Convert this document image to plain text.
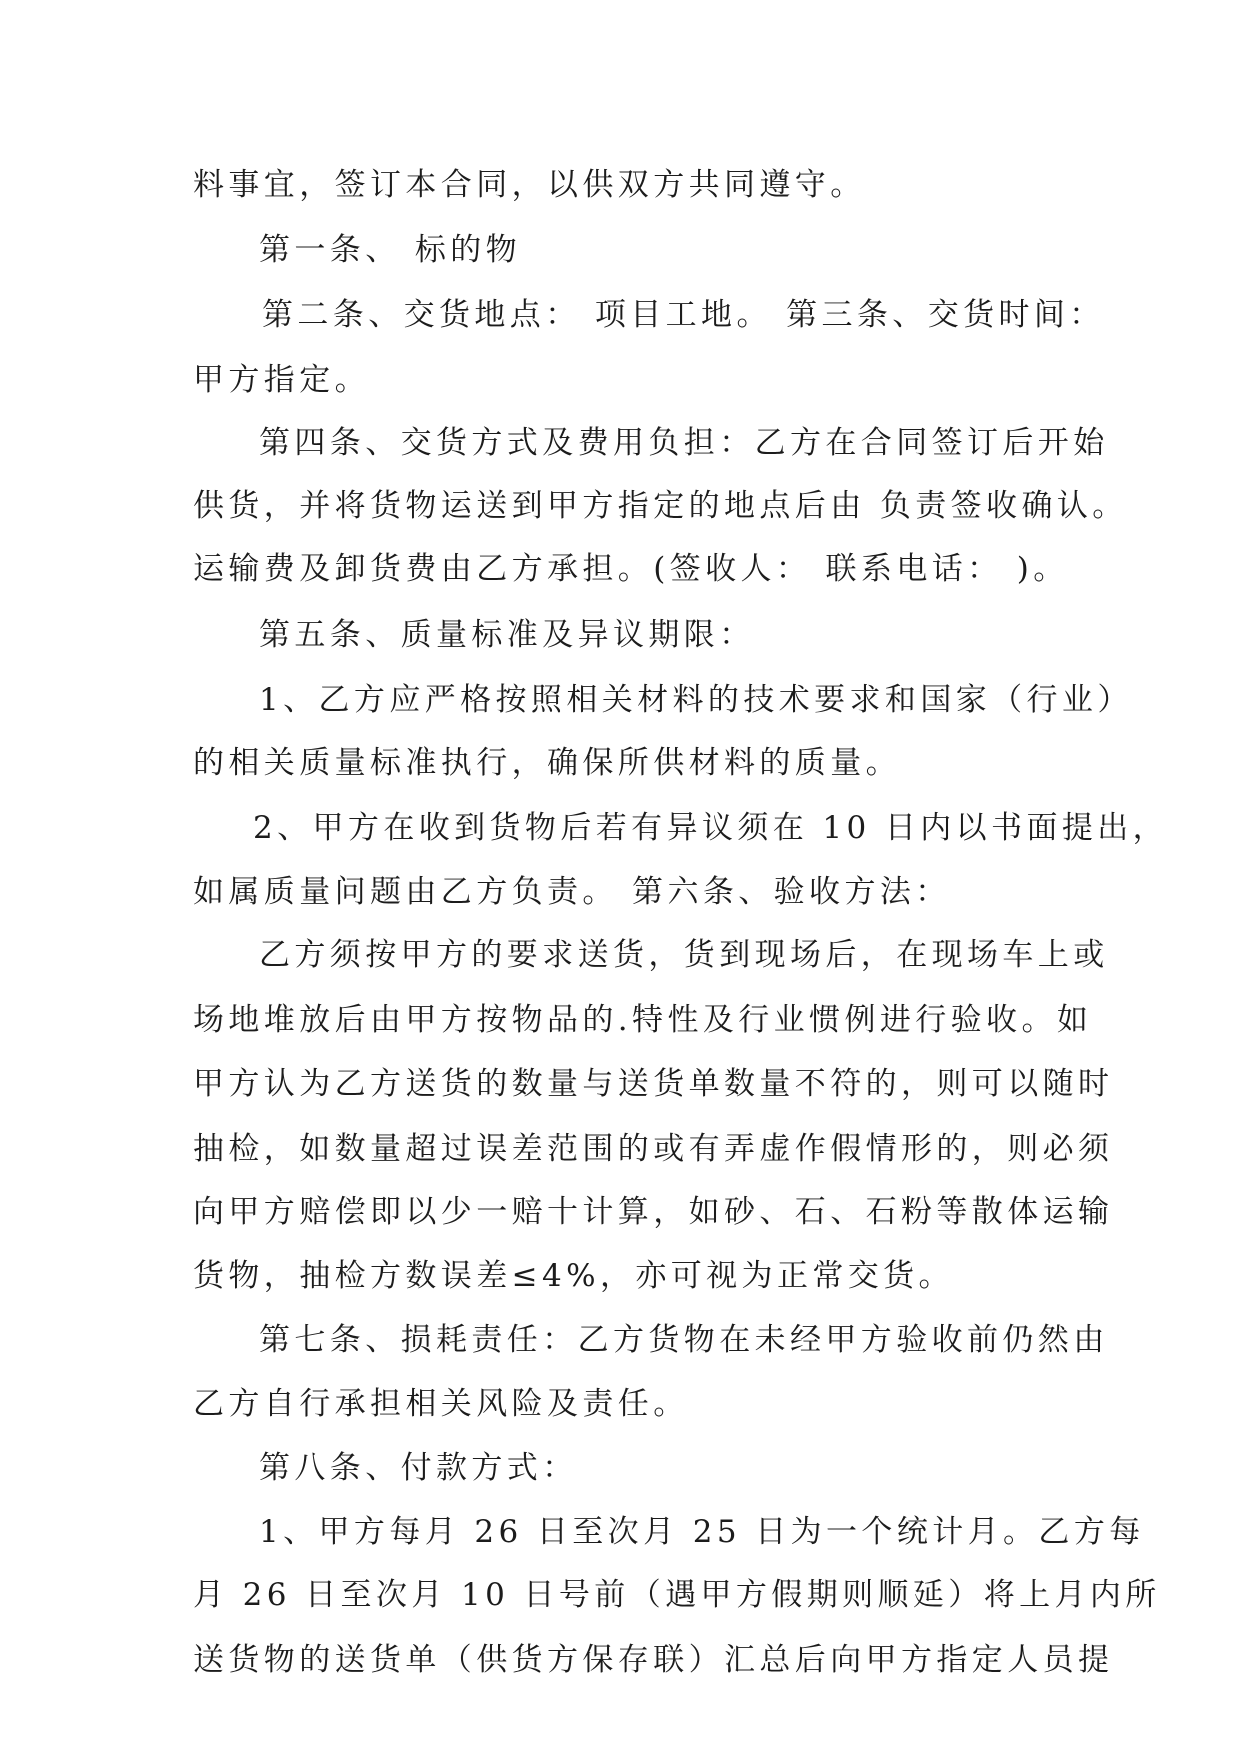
料事宜，签订本合同，以供双方共同遵守。
第一条、 标的物
第二条、交货地点： 项目工地。 第三条、交货时间：
甲方指定。
第四条、交货方式及费用负担：乙方在合同签订后开始
供货，并将货物运送到甲方指定的地点后由 负责签收确认。
运输费及卸货费由乙方承担。(签收人： 联系电话： )。
第五条、质量标准及异议期限：
1、乙方应严格按照相关材料的技术要求和国家（行业）
的相关质量标准执行，确保所供材料的质量。
2、甲方在收到货物后若有异议须在 10 日内以书面提出，
如属质量问题由乙方负责。 第六条、验收方法：
乙方须按甲方的要求送货，货到现场后，在现场车上或
场地堆放后由甲方按物品的.特性及行业惯例进行验收。如
甲方认为乙方送货的数量与送货单数量不符的，则可以随时
抽检，如数量超过误差范围的或有弄虚作假情形的，则必须
向甲方赔偿即以少一赔十计算，如砂、石、石粉等散体运输
货物，抽检方数误差≤4%，亦可视为正常交货。
第七条、损耗责任：乙方货物在未经甲方验收前仍然由
乙方自行承担相关风险及责任。
第八条、付款方式：
1、甲方每月 26 日至次月 25 日为一个统计月。乙方每
月 26 日至次月 10 日号前（遇甲方假期则顺延）将上月内所
送货物的送货单（供货方保存联）汇总后向甲方指定人员提
